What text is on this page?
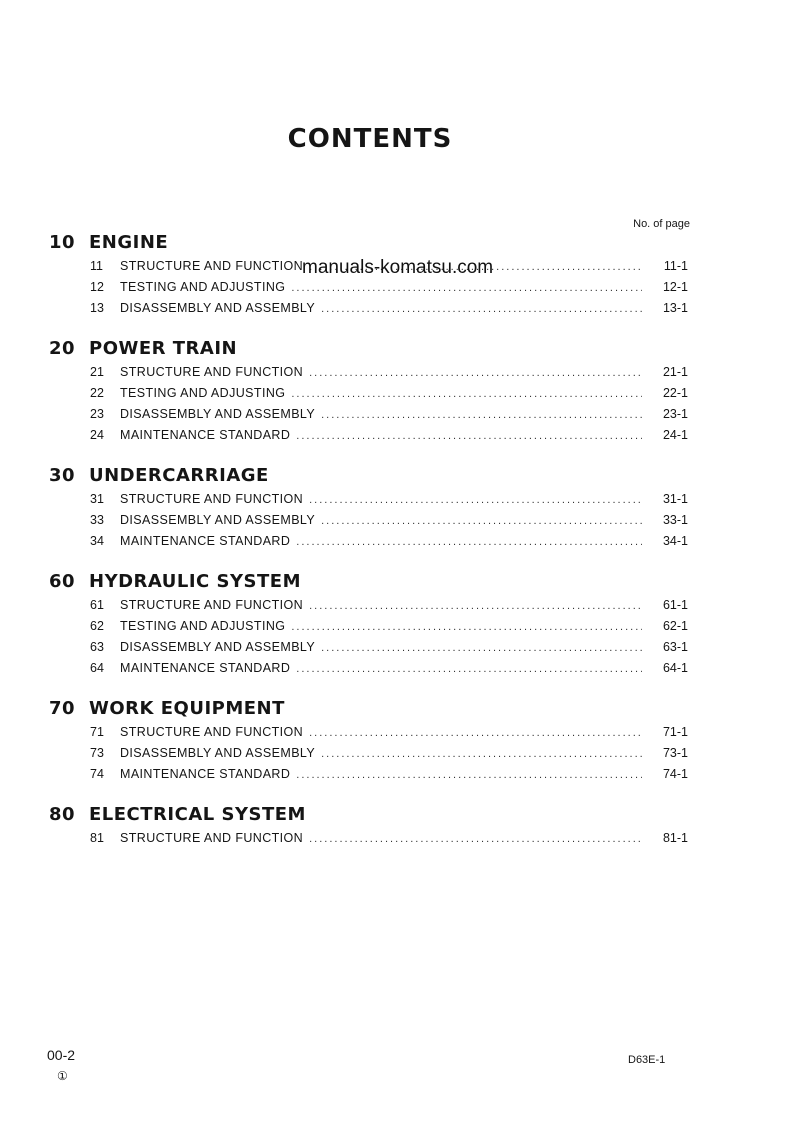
CONTENTS
No. of page
10 ENGINE
11	STRUCTURE AND FUNCTION .....	11-1
12	TESTING AND ADJUSTING .....	12-1
13	DISASSEMBLY AND ASSEMBLY .....	13-1
20 POWER TRAIN
21	STRUCTURE AND FUNCTION .....	21-1
22	TESTING AND ADJUSTING .....	22-1
23	DISASSEMBLY AND ASSEMBLY .....	23-1
24	MAINTENANCE STANDARD .....	24-1
30 UNDERCARRIAGE
31	STRUCTURE AND FUNCTION .....	31-1
33	DISASSEMBLY AND ASSEMBLY .....	33-1
34	MAINTENANCE STANDARD .....	34-1
60 HYDRAULIC SYSTEM
61	STRUCTURE AND FUNCTION .....	61-1
62	TESTING AND ADJUSTING .....	62-1
63	DISASSEMBLY AND ASSEMBLY .....	63-1
64	MAINTENANCE STANDARD .....	64-1
70 WORK EQUIPMENT
71	STRUCTURE AND FUNCTION .....	71-1
73	DISASSEMBLY AND ASSEMBLY .....	73-1
74	MAINTENANCE STANDARD .....	74-1
80 ELECTRICAL SYSTEM
81	STRUCTURE AND FUNCTION .....	81-1
manuals-komatsu.com
00-2
①
D63E-1
